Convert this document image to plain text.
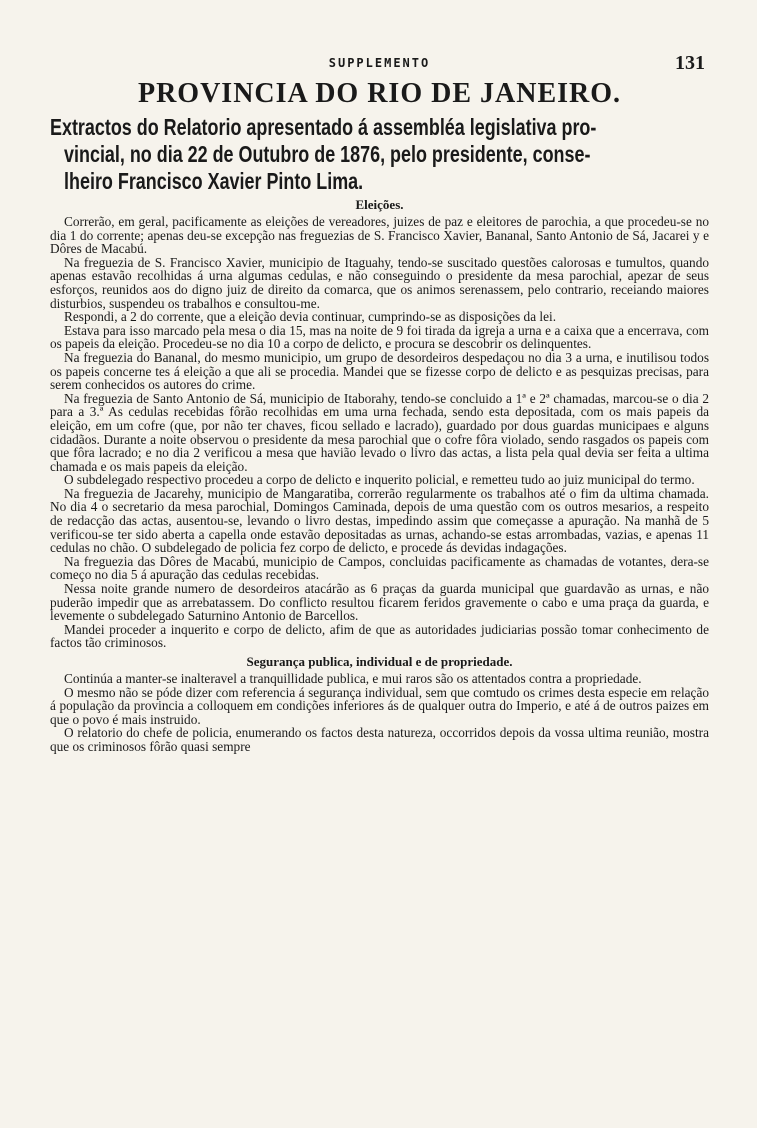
SUPPLEMENTO	131
PROVINCIA DO RIO DE JANEIRO.
Extractos do Relatorio apresentado á assembléa legislativa pro-
vincial, no dia 22 de Outubro de 1876, pelo presidente, conse-
lheiro Francisco Xavier Pinto Lima.
Eleições.

Correrão, em geral, pacificamente as eleições de vereadores, juizes de paz e eleitores de parochia, a que procedeu-se no dia 1 do corrente; apenas deu-se excepção nas freguezias de S. Francisco Xavier, Bananal, Santo Antonio de Sá, Jacarei y e Dôres de Macabú.

Na freguezia de S. Francisco Xavier, municipio de Itaguahy, tendo-se suscitado questões calorosas e tumultos, quando apenas estavão recolhidas á urna algumas cedulas, e não conseguindo o presidente da mesa parochial, apezar de seus esforços, reunidos aos do digno juiz de direito da comarca, que os animos serenassem, pelo contrario, receiando maiores disturbios, suspendeu os trabalhos e consultou-me.

Respondi, a 2 do corrente, que a eleição devia continuar, cumprindo-se as disposições da lei.

Estava para isso marcado pela mesa o dia 15, mas na noite de 9 foi tirada da igreja a urna e a caixa que a encerrava, com os papeis da eleição. Procedeu-se no dia 10 a corpo de delicto, e procura se descobrir os delinquentes.

Na freguezia do Bananal, do mesmo municipio, um grupo de desordeiros despedaçou no dia 3 a urna, e inutilisou todos os papeis concerne tes á eleição a que ali se procedia. Mandei que se fizesse corpo de delicto e as pesquizas precisas, para serem conhecidos os autores do crime.

Na freguezia de Santo Antonio de Sá, municipio de Itaborahy, tendo-se concluido a 1ª e 2ª chamadas, marcou-se o dia 2 para a 3.ª As cedulas recebidas fôrão recolhidas em uma urna fechada, sendo esta depositada, com os mais papeis da eleição, em um cofre (que, por não ter chaves, ficou sellado e lacrado), guardado por dous guardas municipaes e alguns cidadãos. Durante a noite observou o presidente da mesa parochial que o cofre fôra violado, sendo rasgados os papeis com que fôra lacrado; e no dia 2 verificou a mesa que havião levado o livro das actas, a lista pela qual devia ser feita a ultima chamada e os mais papeis da eleição.

O subdelegado respectivo procedeu a corpo de delicto e inquerito policial, e remetteu tudo ao juiz municipal do termo.

Na freguezia de Jacarehy, municipio de Mangaratiba, correrão regularmente os trabalhos até o fim da ultima chamada. No dia 4 o secretario da mesa parochial, Domingos Caminada, depois de uma questão com os outros mesarios, a respeito de redacção das actas, ausentou-se, levando o livro destas, impedindo assim que começasse a apuração. Na manhã de 5 verificou-se ter sido aberta a capella onde estavão depositadas as urnas, achando-se estas arrombadas, vazias, e apenas 11 cedulas no chão. O subdelegado de policia fez corpo de delicto, e procede ás devidas indagações.

Na freguezia das Dôres de Macabú, municipio de Campos, concluidas pacificamente as chamadas de votantes, dera-se começo no dia 5 á apuração das cedulas recebidas.

Nessa noite grande numero de desordeiros atacárão as 6 praças da guarda municipal que guardavão as urnas, e não puderão impedir que as arrebatassem. Do conflicto resultou ficarem feridos gravemente o cabo e uma praça da guarda, e levemente o subdelegado Saturnino Antonio de Barcellos.

Mandei proceder a inquerito e corpo de delicto, afim de que as autoridades judiciarias possão tomar conhecimento de factos tão criminosos.

Segurança publica, individual e de propriedade.

Continúa a manter-se inalteravel a tranquillidade publica, e mui raros são os attentados contra a propriedade.

O mesmo não se póde dizer com referencia á segurança individual, sem que comtudo os crimes desta especie em relação á população da provincia a colloquem em condições inferiores ás de qualquer outra do Imperio, e até á de outros paizes em que o povo é mais instruido.

O relatorio do chefe de policia, enumerando os factos desta natureza, occorridos depois da vossa ultima reunião, mostra que os criminosos fôrão quasi sempre
